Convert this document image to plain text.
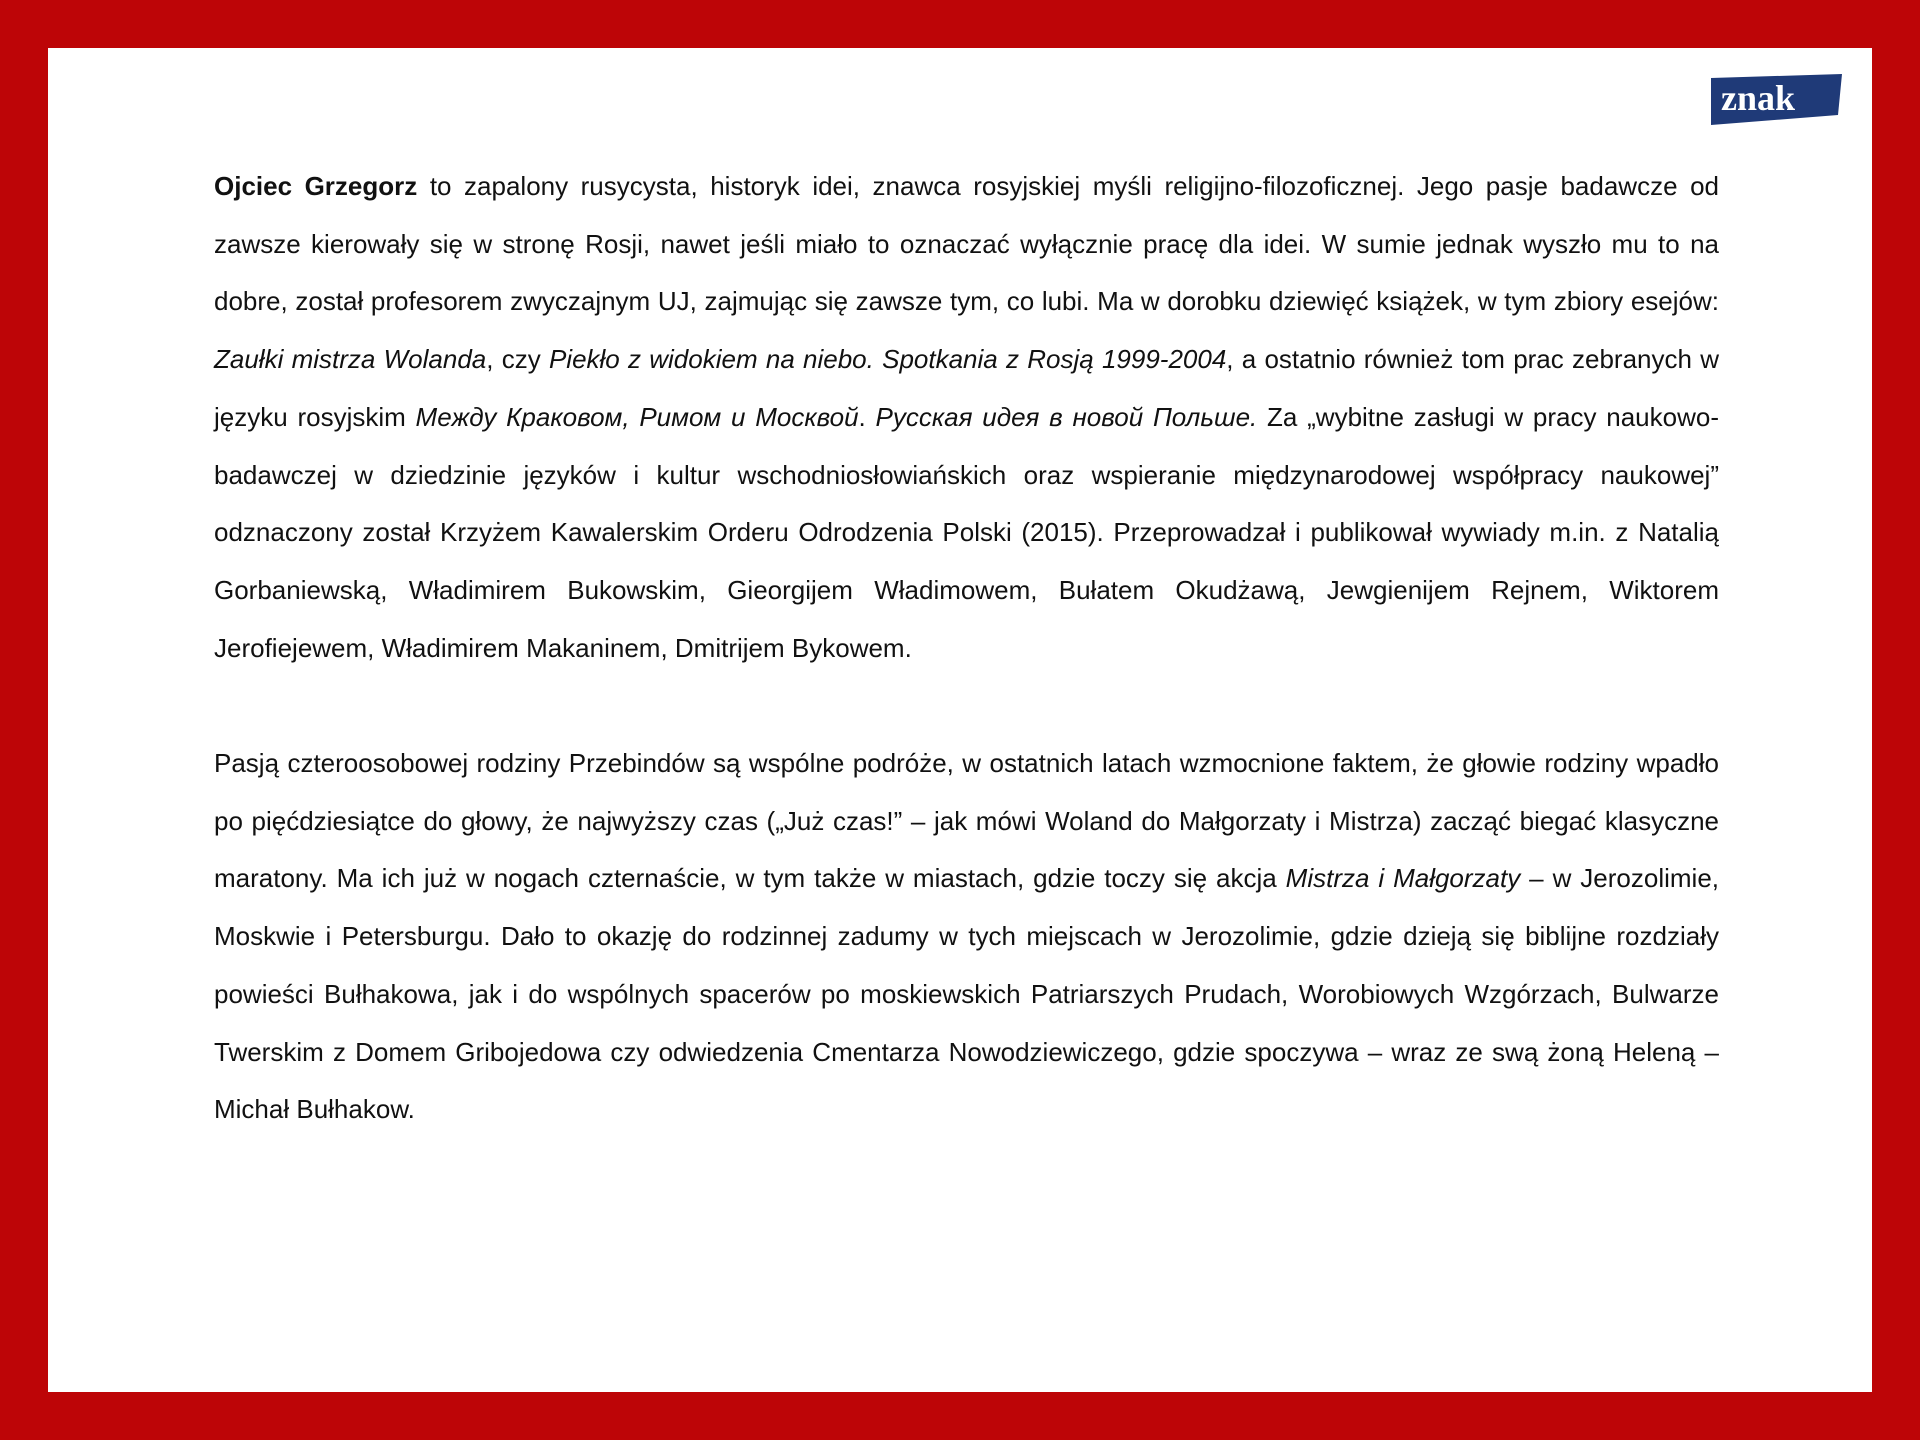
znak

Ojciec Grzegorz to zapalony rusycysta, historyk idei, znawca rosyjskiej myśli religijno-filozoficznej. Jego pasje badawcze od zawsze kierowały się w stronę Rosji, nawet jeśli miało to oznaczać wyłącznie pracę dla idei. W sumie jednak wyszło mu to na dobre, został profesorem zwyczajnym UJ, zajmując się zawsze tym, co lubi. Ma w dorobku dziewięć książek, w tym zbiory esejów: Zaułki mistrza Wolanda, czy Piekło z widokiem na niebo. Spotkania z Rosją 1999-2004, a ostatnio również tom prac zebranych w języku rosyjskim Между Краковом, Римом и Москвой. Русская идея в новой Польше. Za „wybitne zasługi w pracy naukowo-badawczej w dziedzinie języków i kultur wschodniosłowiańskich oraz wspieranie międzynarodowej współpracy naukowej” odznaczony został Krzyżem Kawalerskim Orderu Odrodzenia Polski (2015). Przeprowadzał i publikował wywiady m.in. z Natalią Gorbaniewską, Władimirem Bukowskim, Gieorgijem Władimowem, Bułatem Okudżawą, Jewgienijem Rejnem, Wiktorem Jerofiejewem, Władimirem Makaninem, Dmitrijem Bykowem.

Pasją czteroosobowej rodziny Przebindów są wspólne podróże, w ostatnich latach wzmocnione faktem, że głowie rodziny wpadło po pięćdziesiątce do głowy, że najwyższy czas („Już czas!” – jak mówi Woland do Małgorzaty i Mistrza) zacząć biegać klasyczne maratony. Ma ich już w nogach czternaście, w tym także w miastach, gdzie toczy się akcja Mistrza i Małgorzaty – w Jerozolimie, Moskwie i Petersburgu. Dało to okazję do rodzinnej zadumy w tych miejscach w Jerozolimie, gdzie dzieją się biblijne rozdziały powieści Bułhakowa, jak i do wspólnych spacerów po moskiewskich Patriarszych Prudach, Worobiowych Wzgórzach, Bulwarze Twerskim z Domem Gribojedowa czy odwiedzenia Cmentarza Nowodziewiczego, gdzie spoczywa – wraz ze swą żoną Heleną – Michał Bułhakow.
